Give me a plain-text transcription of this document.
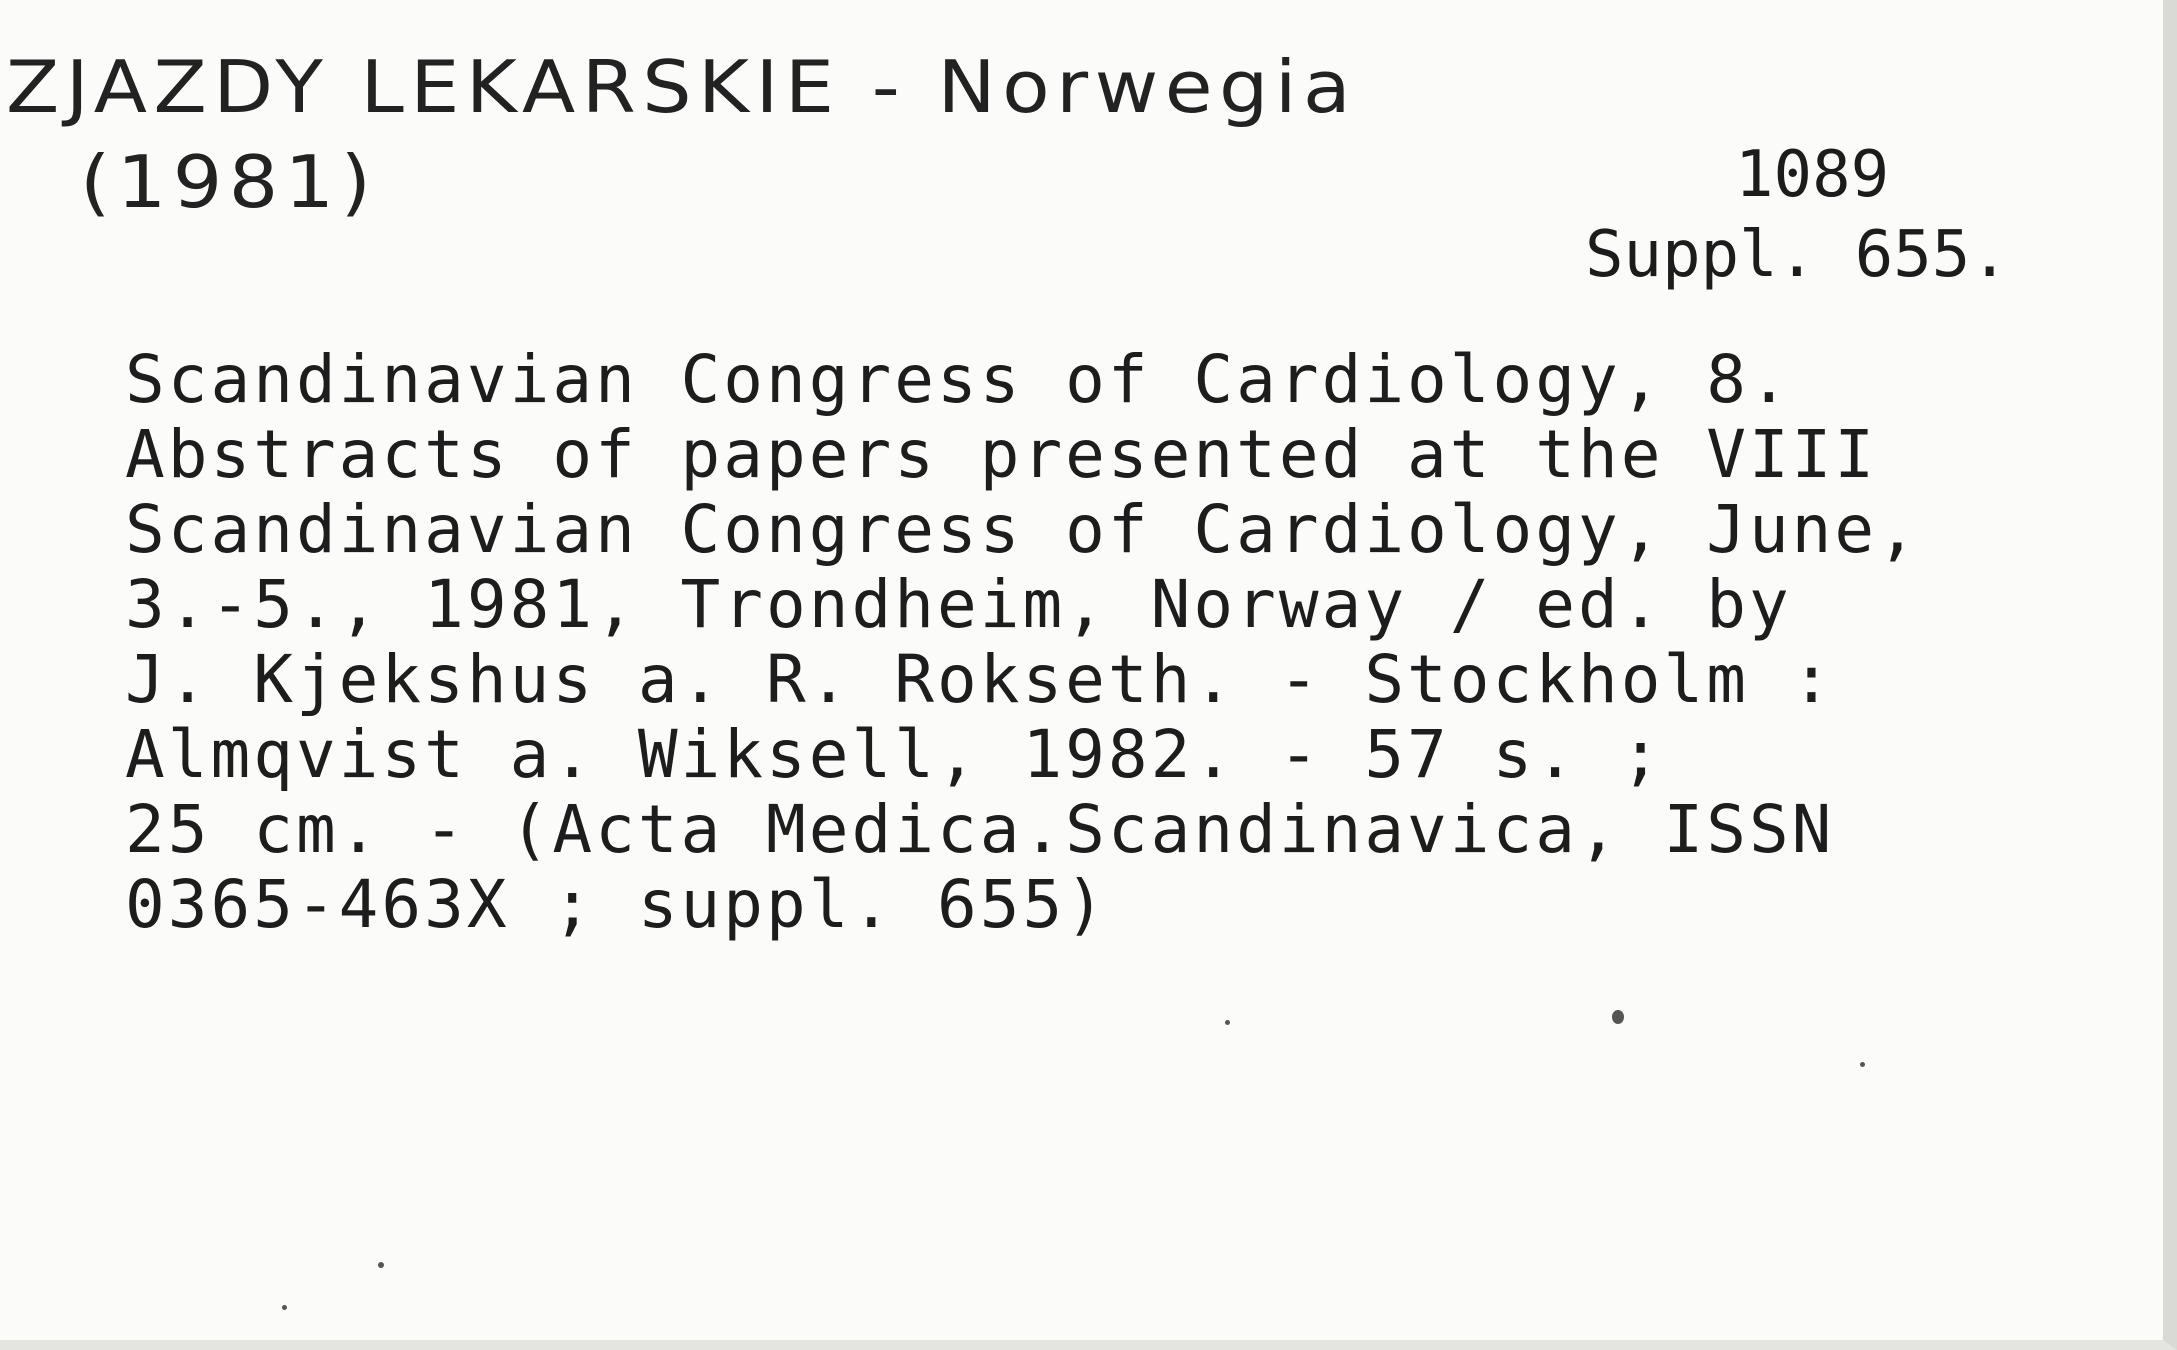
ZJAZDY LEKARSKIE - Norwegia
(1981)	1089
Suppl. 655.
Scandinavian Congress of Cardiology, 8.
Abstracts of papers presented at the VIII
Scandinavian Congress of Cardiology, June,
3.-5., 1981, Trondheim, Norway / ed. by
J. Kjekshus a. R. Rokseth. - Stockholm :
Almqvist a. Wiksell, 1982. - 57 s. ;
25 cm. - (Acta Medica.Scandinavica, ISSN
0365-463X ; suppl. 655)
